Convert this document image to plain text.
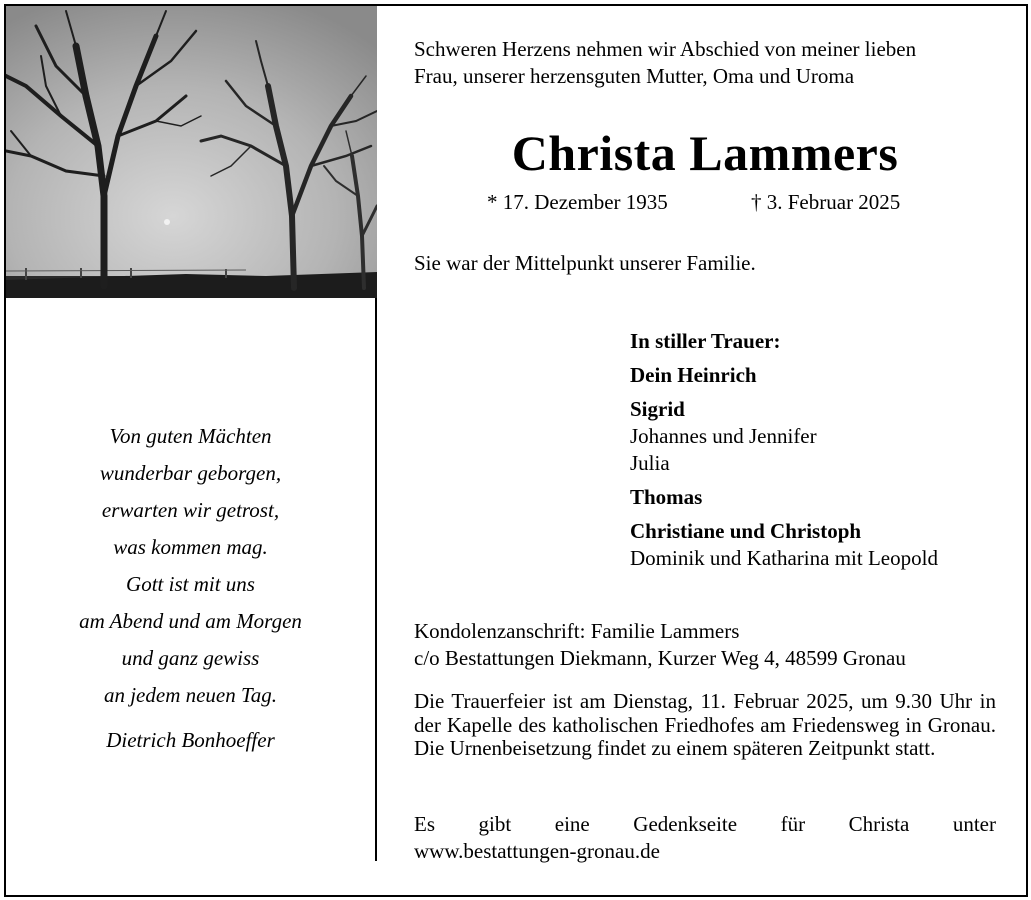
Von guten Mächten
wunderbar geborgen,
erwarten wir getrost,
was kommen mag.
Gott ist mit uns
am Abend und am Morgen
und ganz gewiss
an jedem neuen Tag.
Dietrich Bonhoeffer
Schweren Herzens nehmen wir Abschied von meiner lieben
Frau, unserer herzensguten Mutter, Oma und Uroma
Christa Lammers
* 17. Dezember 1935	† 3. Februar 2025
Sie war der Mittelpunkt unserer Familie.
In stiller Trauer:
Dein Heinrich
Sigrid
Johannes und Jennifer
Julia
Thomas
Christiane und Christoph
Dominik und Katharina mit Leopold
Kondolenzanschrift: Familie Lammers
c/o Bestattungen Diekmann, Kurzer Weg 4, 48599 Gronau
Die Trauerfeier ist am Dienstag, 11. Februar 2025, um 9.30 Uhr in der Kapelle des katholischen Friedhofes am Friedensweg in Gronau. Die Urnenbeisetzung findet zu einem späteren Zeitpunkt statt.
Es gibt eine Gedenkseite für Christa unter
www.bestattungen-gronau.de
